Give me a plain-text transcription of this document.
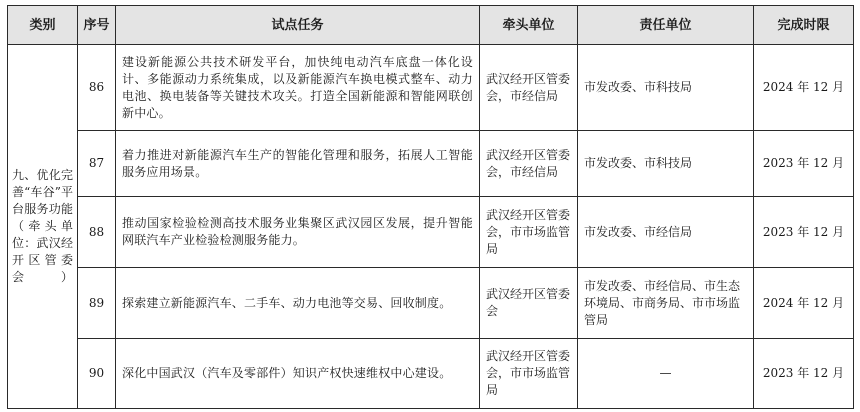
类别	序号	试点任务	牵头单位	责任单位	完成时限
九、优化完善“车谷”平台服务功能（牵头单位：武汉经开区管委会）	86	建设新能源公共技术研发平台，加快纯电动汽车底盘一体化设计、多能源动力系统集成，以及新能源汽车换电模式整车、动力电池、换电装备等关键技术攻关。打造全国新能源和智能网联创新中心。	武汉经开区管委会，市经信局	市发改委、市科技局	2024 年 12 月
	87	着力推进对新能源汽车生产的智能化管理和服务，拓展人工智能服务应用场景。	武汉经开区管委会，市经信局	市发改委、市科技局	2023 年 12 月
	88	推动国家检验检测高技术服务业集聚区武汉园区发展，提升智能网联汽车产业检验检测服务能力。	武汉经开区管委会，市市场监管局	市发改委、市经信局	2023 年 12 月
	89	探索建立新能源汽车、二手车、动力电池等交易、回收制度。	武汉经开区管委会	市发改委、市经信局、市生态环境局、市商务局、市市场监管局	2024 年 12 月
	90	深化中国武汉（汽车及零部件）知识产权快速维权中心建设。	武汉经开区管委会，市市场监管局	—	2023 年 12 月
